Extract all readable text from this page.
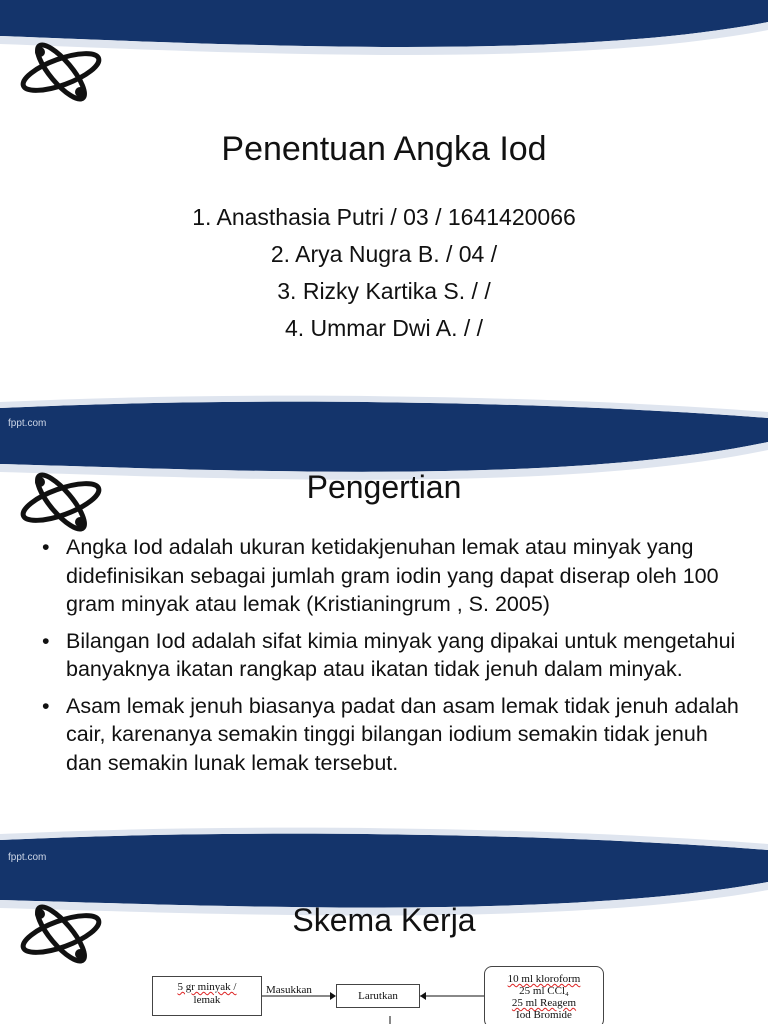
Penentuan Angka Iod
1. Anasthasia Putri / 03 / 1641420066
2. Arya Nugra B. / 04 /
3. Rizky Kartika S. / /
4. Ummar Dwi A. / /
fppt.com
Pengertian
• Angka Iod adalah ukuran ketidakjenuhan lemak atau minyak yang didefinisikan sebagai jumlah gram iodin yang dapat diserap oleh 100 gram minyak atau lemak (Kristianingrum , S. 2005)
• Bilangan Iod adalah sifat kimia minyak yang dipakai untuk mengetahui banyaknya ikatan rangkap atau ikatan tidak jenuh dalam minyak.
• Asam lemak jenuh biasanya padat dan asam lemak tidak jenuh adalah cair, karenanya semakin tinggi bilangan iodium semakin tidak jenuh dan semakin lunak lemak tersebut.
fppt.com
Skema Kerja
5 gr minyak /
lemak
Masukkan	Larutkan
10 ml kloroform
25 ml CCl₄
25 ml Reagem
Iod Bromide
